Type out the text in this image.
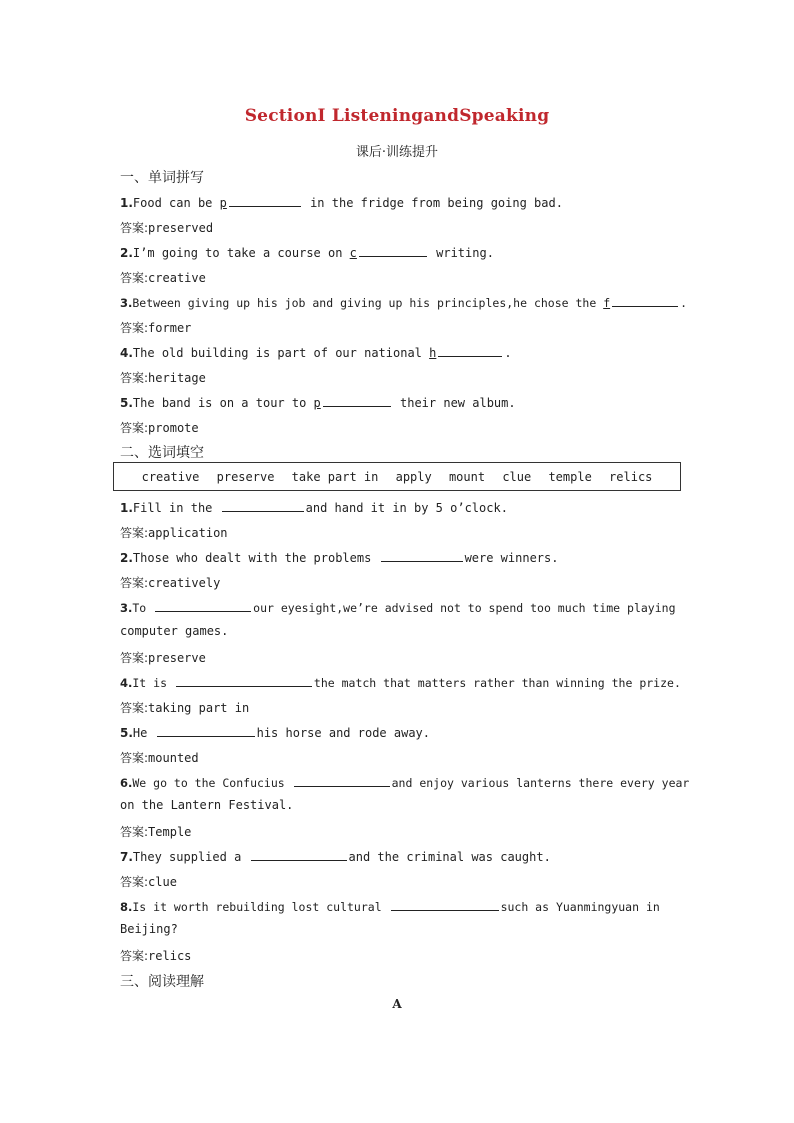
SectionⅠ ListeningandSpeaking
课后·训练提升
一、单词拼写
1.Food can be p	in the fridge from being going bad.
答案:preserved
2.I’m going to take a course on c	writing.
答案:creative
3.Between giving up his job and giving up his principles,he chose the f	.
答案:former
4.The old building is part of our national h	.
答案:heritage
5.The band is on a tour to p	their new album.
答案:promote
二、选词填空
creative preserve take part in apply mount clue temple relics
1.Fill in the	and hand it in by 5 o’clock.
答案:application
2.Those who dealt with the problems	were winners.
答案:creatively
3.To	our eyesight,we’re advised not to spend too much time playing
computer games.
答案:preserve
4.It is	the match that matters rather than winning the prize.
答案:taking part in
5.He	his horse and rode away.
答案:mounted
6.We go to the Confucius	and enjoy various lanterns there every year
on the Lantern Festival.
答案:Temple
7.They supplied a	and the criminal was caught.
答案:clue
8.Is it worth rebuilding lost cultural	such as Yuanmingyuan in
Beijing?
答案:relics
三、阅读理解
A
